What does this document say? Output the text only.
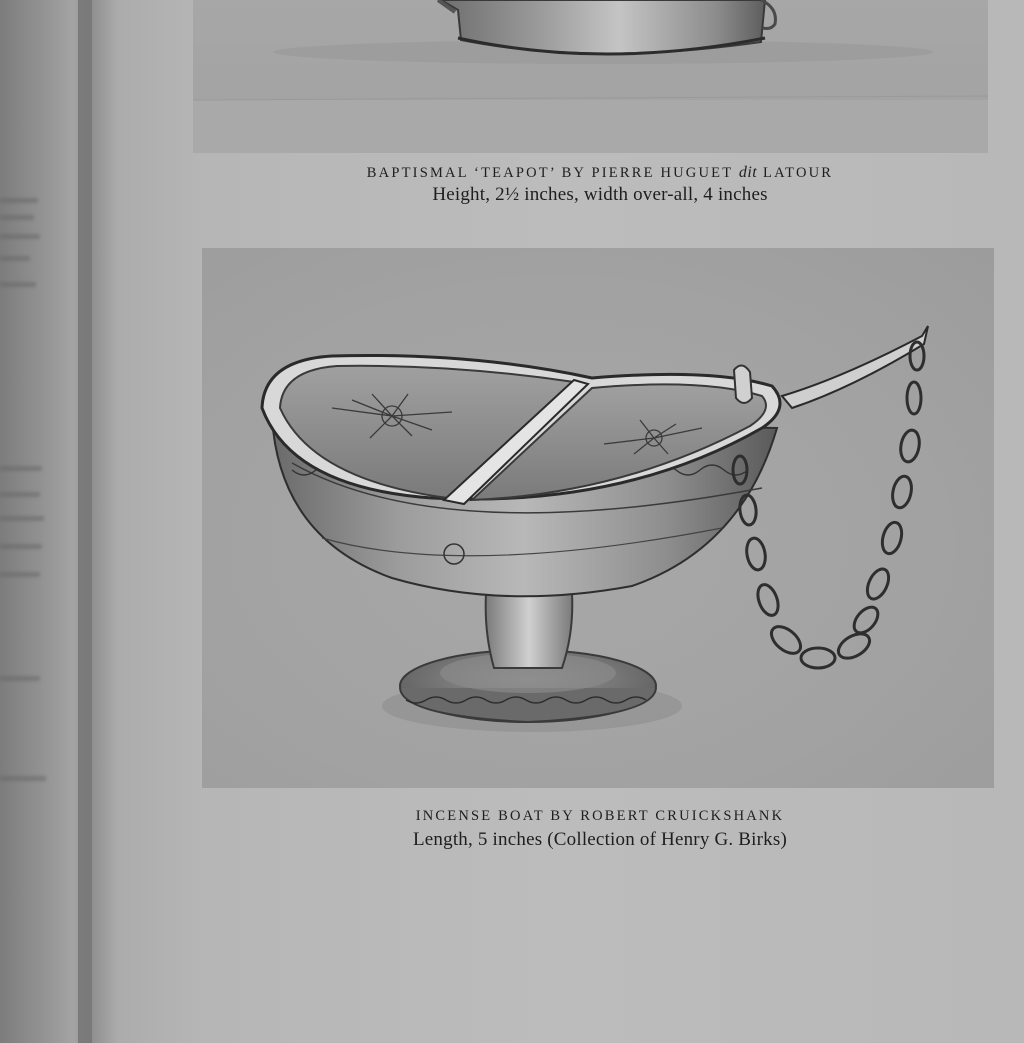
BAPTISMAL ‘TEAPOT’ BY PIERRE HUGUET dit LATOUR
Height, 2½ inches, width over-all, 4 inches
INCENSE BOAT BY ROBERT CRUICKSHANK
Length, 5 inches (Collection of Henry G. Birks)
